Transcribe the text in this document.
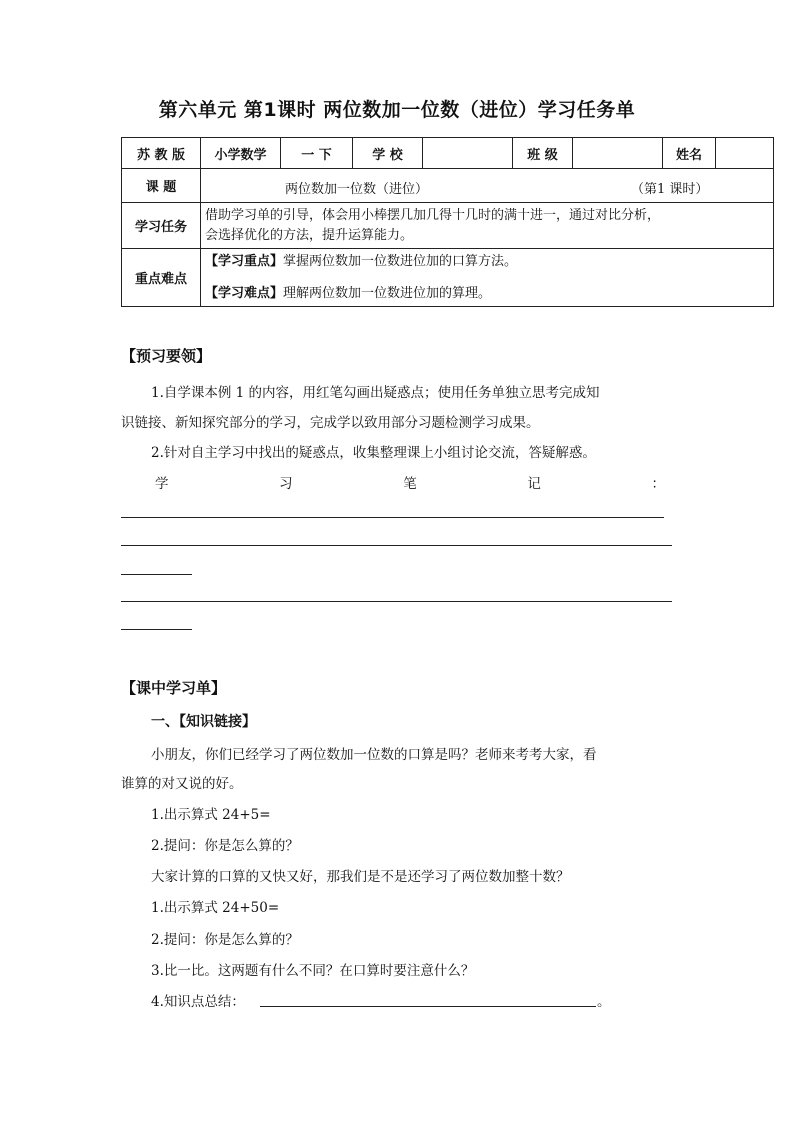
第六单元 第1课时 两位数加一位数（进位）学习任务单
苏 教 版	小学数学	一 下	学 校		班 级		姓名	
课 题	两位数加一位数（进位） （第1 课时）							

学习任务	借助学习单的引导，体会用小棒摆几加几得十几时的满十进一，通过对比分析，
会选择优化的方法，提升运算能力。							

重点难点	【学习重点】掌握两位数加一位数进位加的口算方法。
【学习难点】理解两位数加一位数进位加的算理。							
【预习要领】
1.自学课本例 1 的内容，用红笔勾画出疑惑点；使用任务单独立思考完成知
识链接、新知探究部分的学习，完成学以致用部分习题检测学习成果。
2.针对自主学习中找出的疑惑点，收集整理课上小组讨论交流，答疑解惑。
学	习	笔	记	：
【课中学习单】
一、【知识链接】
小朋友，你们已经学习了两位数加一位数的口算是吗？老师来考考大家，看
谁算的对又说的好。
1.出示算式 24+5=
2.提问：你是怎么算的？
大家计算的口算的又快又好，那我们是不是还学习了两位数加整十数？
1.出示算式 24+50=
2.提问：你是怎么算的？
3.比一比。这两题有什么不同？在口算时要注意什么？
4.知识点总结：	。
